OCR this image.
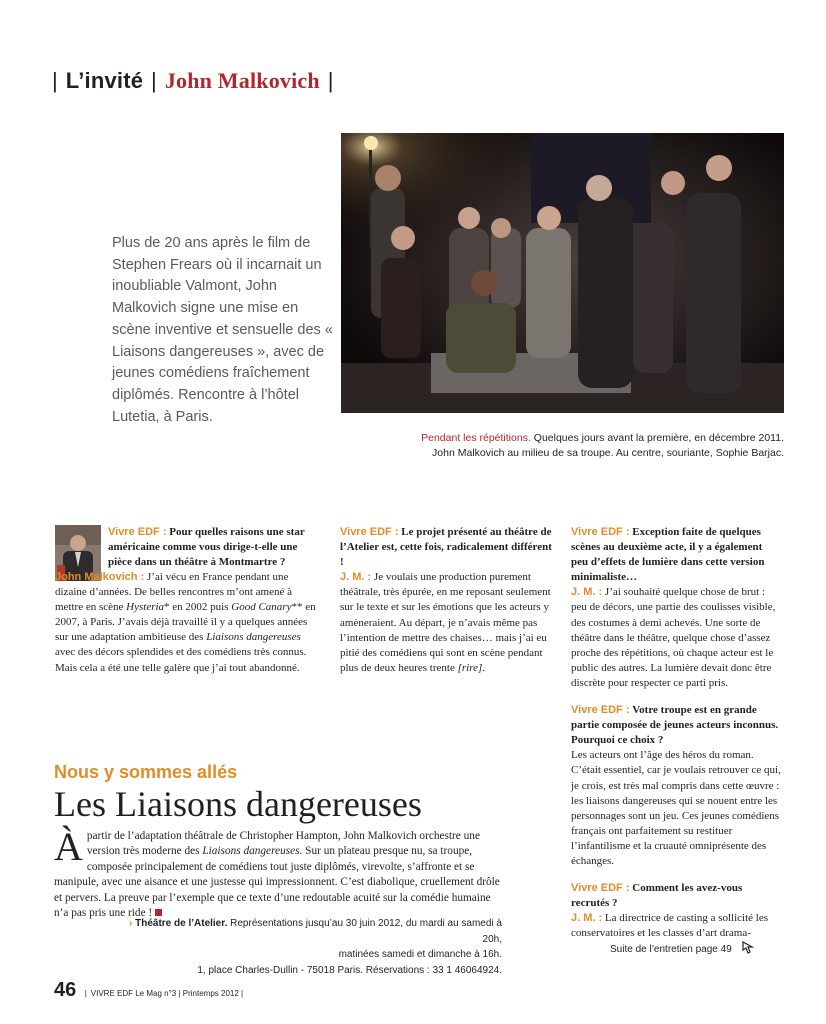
| L’invité | John Malkovich |
Plus de 20 ans après le film de Stephen Frears où il incarnait un inoubliable Valmont, John Malkovich signe une mise en scène inventive et sensuelle des « Liaisons dangereuses », avec de jeunes comédiens fraîchement diplômés. Rencontre à l’hôtel Lutetia, à Paris.
Pendant les répétitions. Quelques jours avant la première, en décembre 2011.
John Malkovich au milieu de sa troupe. Au centre, souriante, Sophie Barjac.

Vivre EDF : Pour quelles raisons une star américaine comme vous dirige-t-elle une pièce dans un théâtre à Montmartre ?

John Malkovich : J’ai vécu en France pendant une dizaine d’années. De belles rencontres m’ont amené à mettre en scène Hysteria* en 2002 puis Good Canary** en 2007, à Paris. J’avais déjà travaillé il y a quelques années sur une adaptation ambitieuse des Liaisons dangereuses avec des décors splendides et des comédiens très connus. Mais cela a été une telle galère que j’ai tout abandonné.

Vivre EDF : Le projet présenté au théâtre de l’Atelier est, cette fois, radicalement différent !

J. M. : Je voulais une production purement théâtrale, très épurée, en me reposant seulement sur le texte et sur les émotions que les acteurs y amèneraient. Au départ, je n’avais même pas l’intention de mettre des chaises… mais j’ai eu pitié des comédiens qui sont en scène pendant plus de deux heures trente [rire].

Vivre EDF : Exception faite de quelques scènes au deuxième acte, il y a également peu d’effets de lumière dans cette version minimaliste…

J. M. : J’ai souhaité quelque chose de brut : peu de décors, une partie des coulisses visible, des costumes à demi achevés. Une sorte de théâtre dans le théâtre, quelque chose d’assez proche des répétitions, où chaque acteur est le public des autres. La lumière devait donc être discrète pour respecter ce parti pris.

Vivre EDF : Votre troupe est en grande partie composée de jeunes acteurs inconnus. Pourquoi ce choix ?

Les acteurs ont l’âge des héros du roman. C’était essentiel, car je voulais retrouver ce qui, je crois, est très mal compris dans cette œuvre : les liaisons dangereuses qui se nouent entre les personnages sont un jeu. Ces jeunes comédiens français ont parfaitement su restituer l’infantilisme et la cruauté omniprésente des échanges.

Vivre EDF : Comment les avez-vous recrutés ?

J. M. : La directrice de casting a sollicité les conservatoires et les classes d’art drama-

Nous y sommes allés
Les Liaisons dangereuses
À partir de l’adaptation théâtrale de Christopher Hampton, John Malkovich orchestre une version très moderne des Liaisons dangereuses. Sur un plateau presque nu, sa troupe, composée principalement de comédiens tout juste diplômés, virevolte, s’affronte et se manipule, avec une aisance et une justesse qui impressionnent. C’est diabolique, cruellement drôle et pervers. La preuve par l’exemple que ce texte d’une redoutable acuité sur la comédie humaine n’a pas pris une ride !
› Théâtre de l’Atelier. Représentations jusqu’au 30 juin 2012, du mardi au samedi à 20h,
matinées samedi et dimanche à 16h.
1, place Charles-Dullin - 75018 Paris. Réservations : 33 1 46064924.
Suite de l’entretien page 49
46 | VIVRE EDF Le Mag n°3 | Printemps 2012 |
